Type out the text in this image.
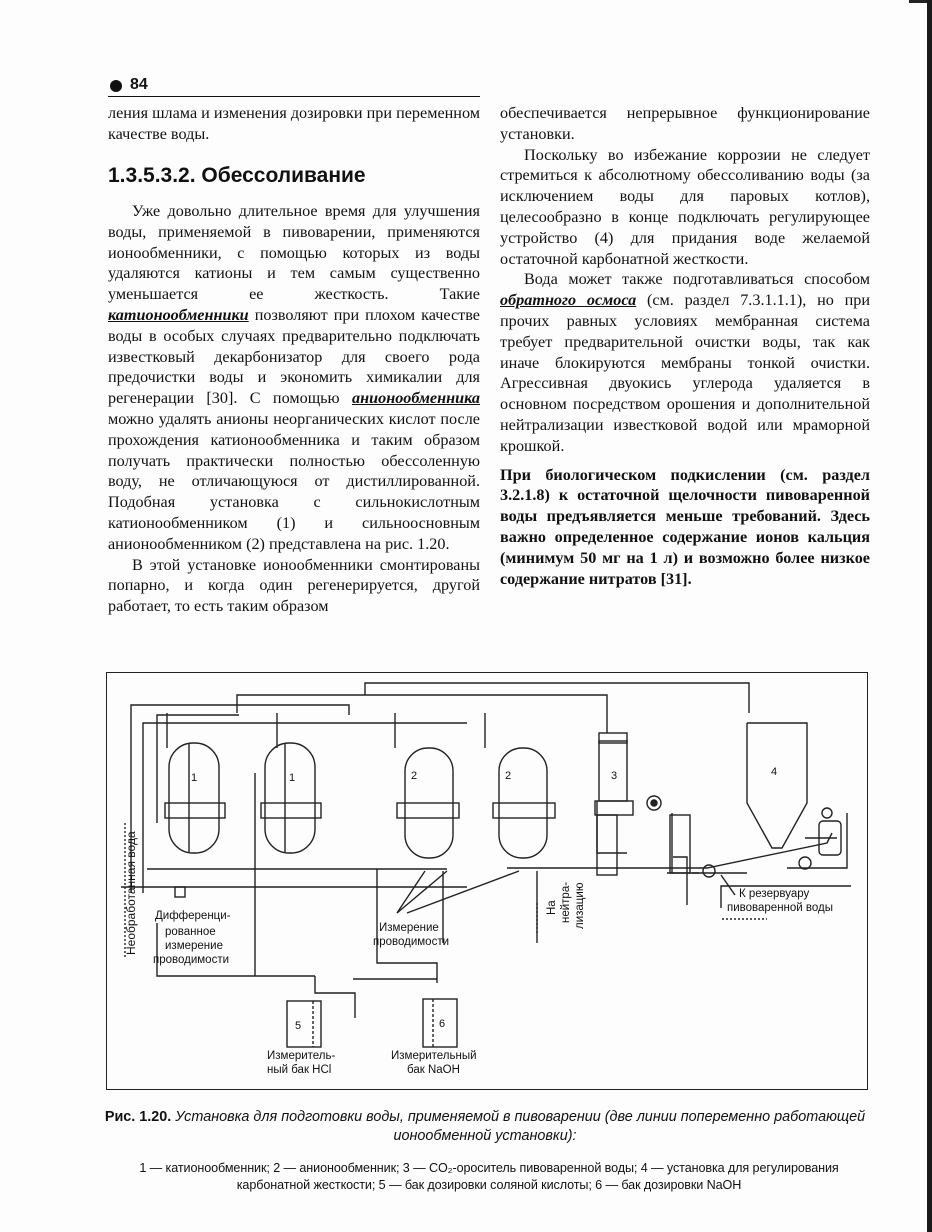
84

ления шлама и изменения дозировки при переменном качестве воды.

1.3.5.3.2. Обессоливание

Уже довольно длительное время для улучшения воды, применяемой в пивоварении, применяются ионообменники, с помощью которых из воды удаляются катионы и тем самым существенно уменьшается ее жесткость. Такие катионообменники позволяют при плохом качестве воды в особых случаях предварительно подключать известковый декарбонизатор для своего рода предочистки воды и экономить химикалии для регенерации [30]. С помощью анионообменника можно удалять анионы неорганических кислот после прохождения катионообменника и таким образом получать практически полностью обессоленную воду, не отличающуюся от дистиллированной. Подобная установка с сильнокислотным катионообменником (1) и сильноосновным анионообменником (2) представлена на рис. 1.20.

В этой установке ионообменники смонтированы попарно, и когда один регенерируется, другой работает, то есть таким образом

обеспечивается непрерывное функционирование установки.

Поскольку во избежание коррозии не следует стремиться к абсолютному обессоливанию воды (за исключением воды для паровых котлов), целесообразно в конце подключать регулирующее устройство (4) для придания воде желаемой остаточной карбонатной жесткости.

Вода может также подготавливаться способом обратного осмоса (см. раздел 7.3.1.1.1), но при прочих равных условиях мембранная система требует предварительной очистки воды, так как иначе блокируются мембраны тонкой очистки. Агрессивная двуокись углерода удаляется в основном посредством орошения и дополнительной нейтрализации известковой водой или мраморной крошкой.

При биологическом подкислении (см. раздел 3.2.1.8) к остаточной щелочности пивоваренной воды предъявляется меньше требований. Здесь важно определенное содержание ионов кальция (минимум 50 мг на 1 л) и возможно более низкое содержание нитратов [31].

1	1	2	2	3	4
5	6
Необработанная вода Дифференци-
рованное
измерение
проводимости
Измерение
проводимости
На нейтра- лизацию	К резервуару
пивоваренной воды
Измеритель-
ный бак HCl
Измерительный
бак NaOH
Рис. 1.20. Установка для подготовки воды, применяемой в пивоварении (две линии попеременно работающей ионообменной установки):
1 — катионообменник; 2 — анионообменник; 3 — CO₂-ороситель пивоваренной воды; 4 — установка для регулирования карбонатной жесткости; 5 — бак дозировки соляной кислоты; 6 — бак дозировки NaOH
